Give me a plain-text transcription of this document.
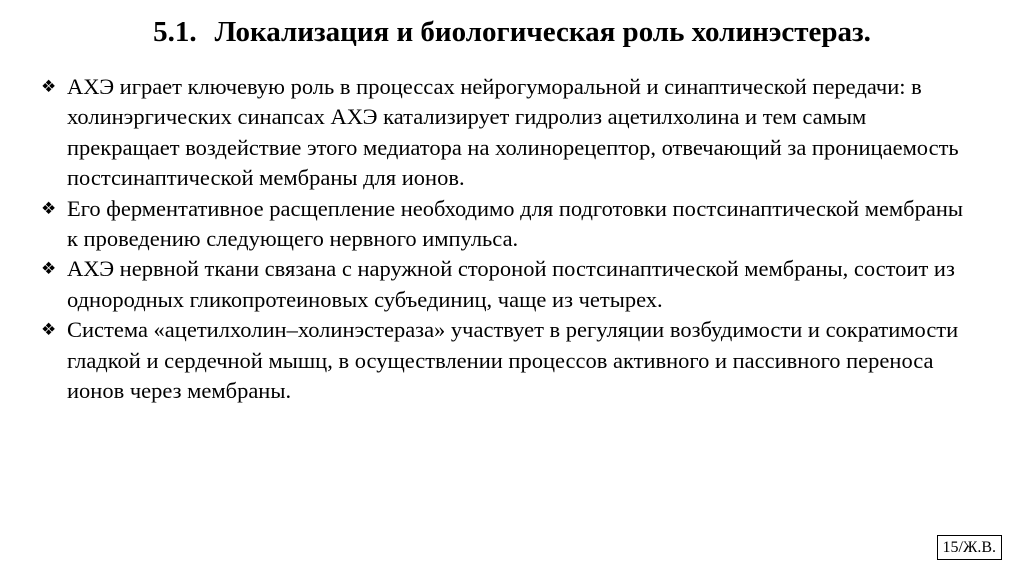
5.1. Локализация и биологическая роль холинэстераз.
❖ АХЭ играет ключевую роль в процессах нейрогуморальной и синаптической передачи: в холинэргических синапсах АХЭ катализирует гидролиз ацетилхолина и тем самым прекращает воздействие этого медиатора на холинорецептор, отвечающий за проницаемость постсинаптической мембраны для ионов.
❖ Его ферментативное расщепление необходимо для подготовки постсинаптической мембраны к проведению следующего нервного импульса.
❖ АХЭ нервной ткани связана с наружной стороной постсинаптической мембраны, состоит из однородных гликопротеиновых субъединиц, чаще из четырех.
❖ Система «ацетилхолин–холинэстераза» участвует в регуляции возбудимости и сократимости гладкой и сердечной мышц, в осуществлении процессов активного и пассивного переноса ионов через мембраны.
15/Ж.В.
